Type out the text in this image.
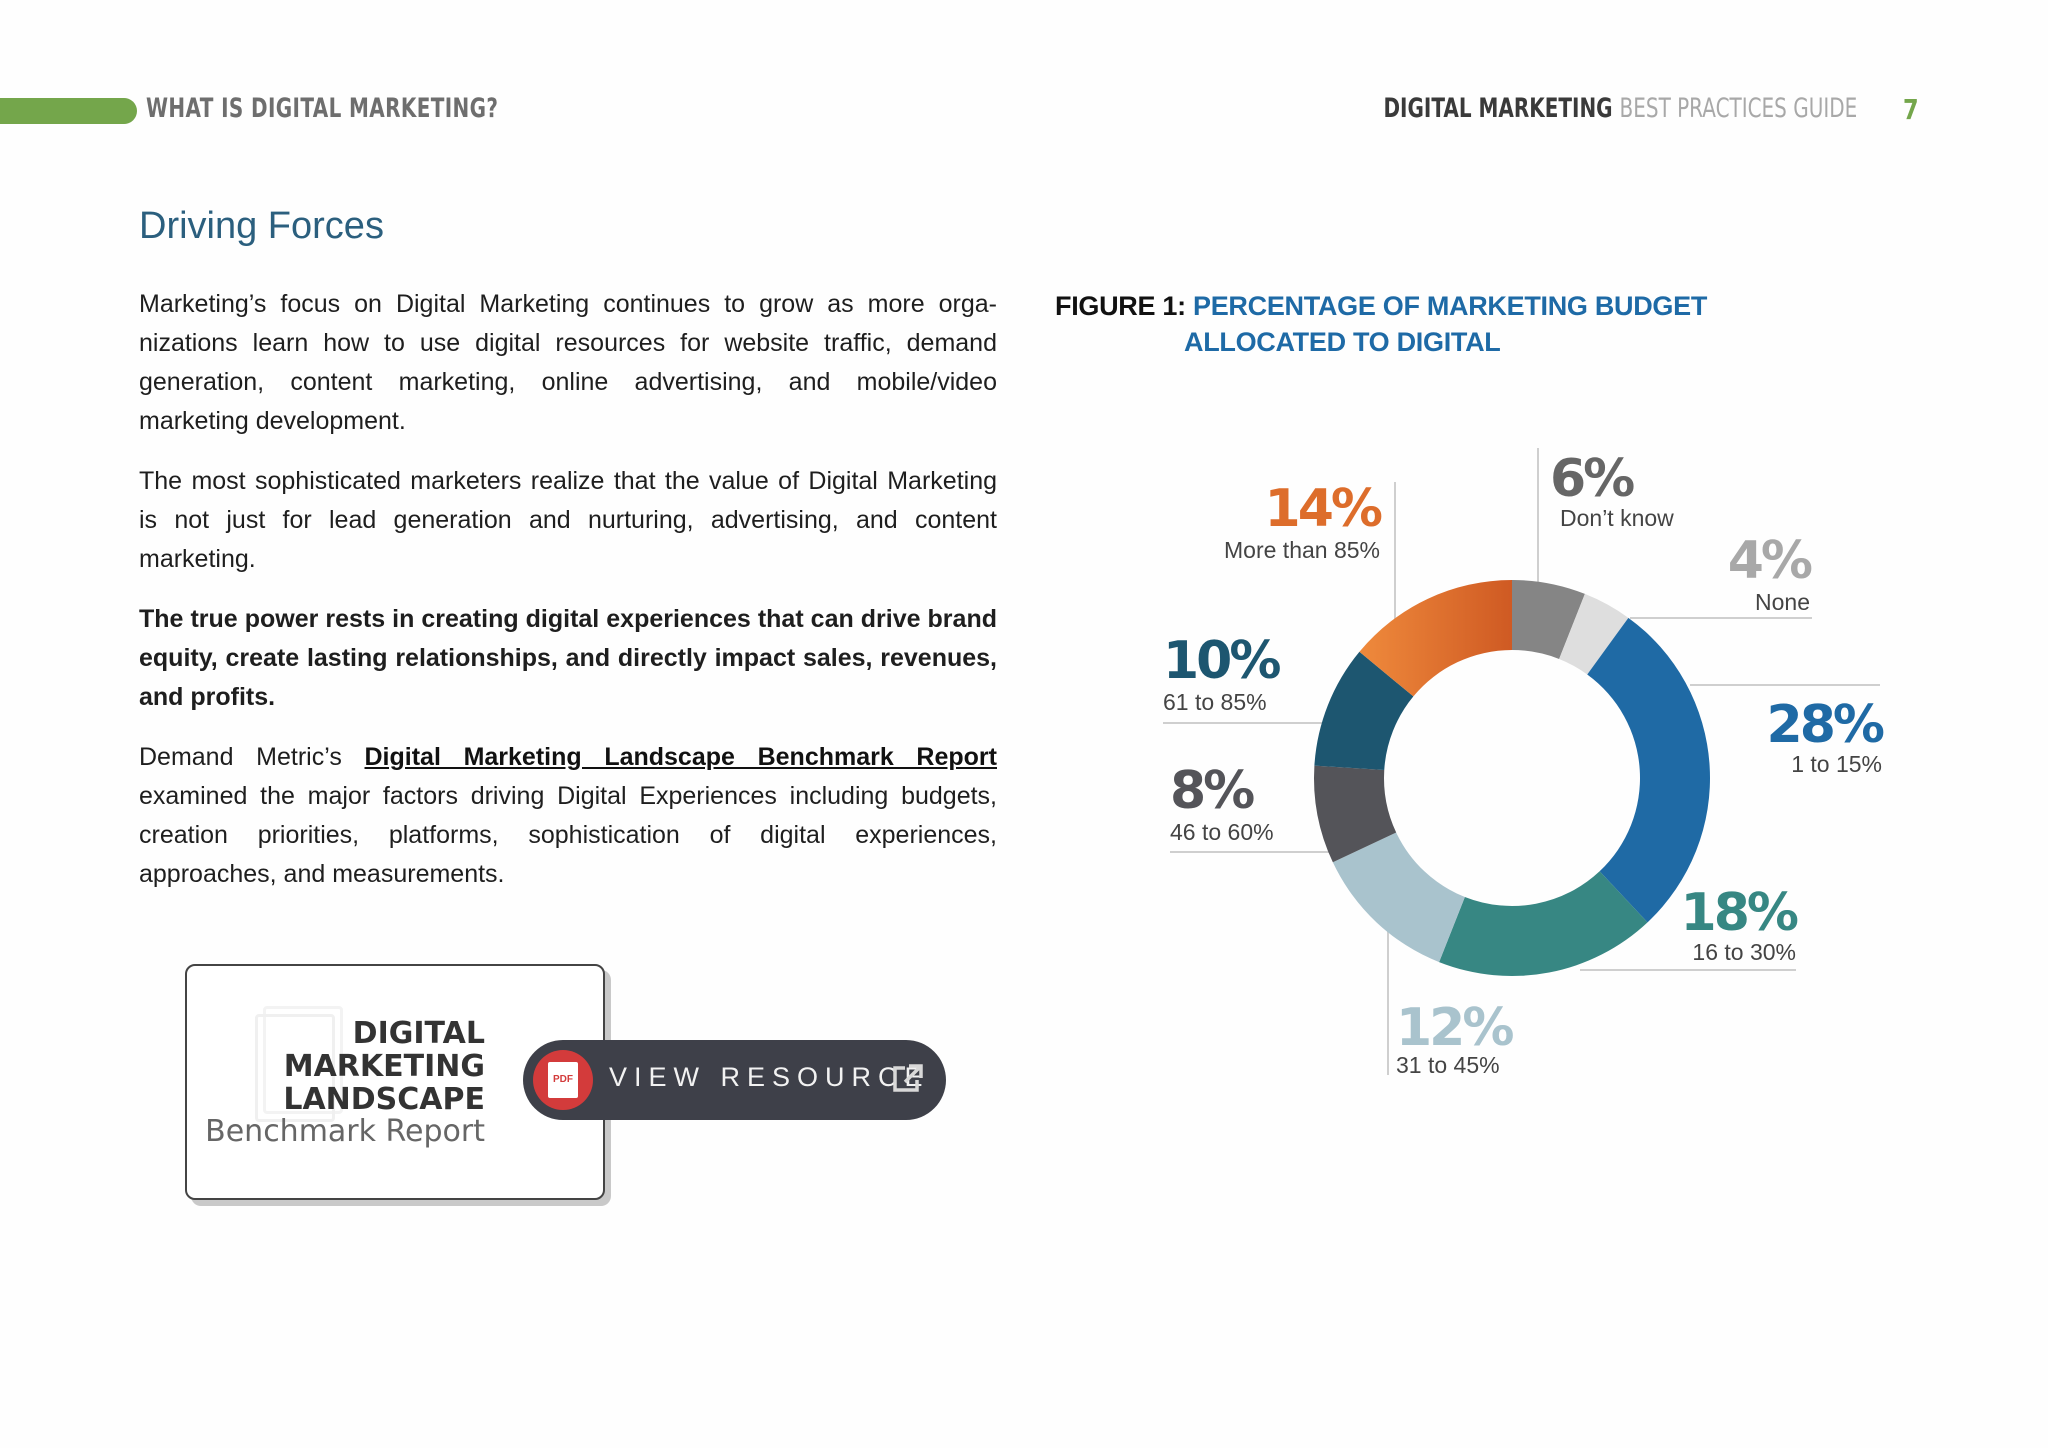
WHAT IS DIGITAL MARKETING?	DIGITAL MARKETING BEST PRACTICES GUIDE 7
Driving Forces

Marketing’s focus on Digital Marketing continues to grow as more organizations learn how to use digital resources for website traffic, demand generation, content marketing, online advertising, and mobile/video marketing development.

The most sophisticated marketers realize that the value of Digital Marketing is not just for lead generation and nurturing, advertising, and content marketing.

The true power rests in creating digital experiences that can drive brand equity, create lasting relationships, and directly impact sales, revenues, and profits.

Demand Metric’s Digital Marketing Landscape Benchmark Report examined the major factors driving Digital Experiences including budgets, creation priorities, platforms, sophistication of digital experiences, approaches, and measurements.

DIGITAL
MARKETING
LANDSCAPE
Benchmark Report
PDF VIEW RESOURCE
FIGURE 1: PERCENTAGE OF MARKETING BUDGET
ALLOCATED TO DIGITAL
6%
Don’t know
4%
None
28%
1 to 15%
18%
16 to 30%
12%
31 to 45%
8%
46 to 60%
10%
61 to 85%
14%
More than 85%
